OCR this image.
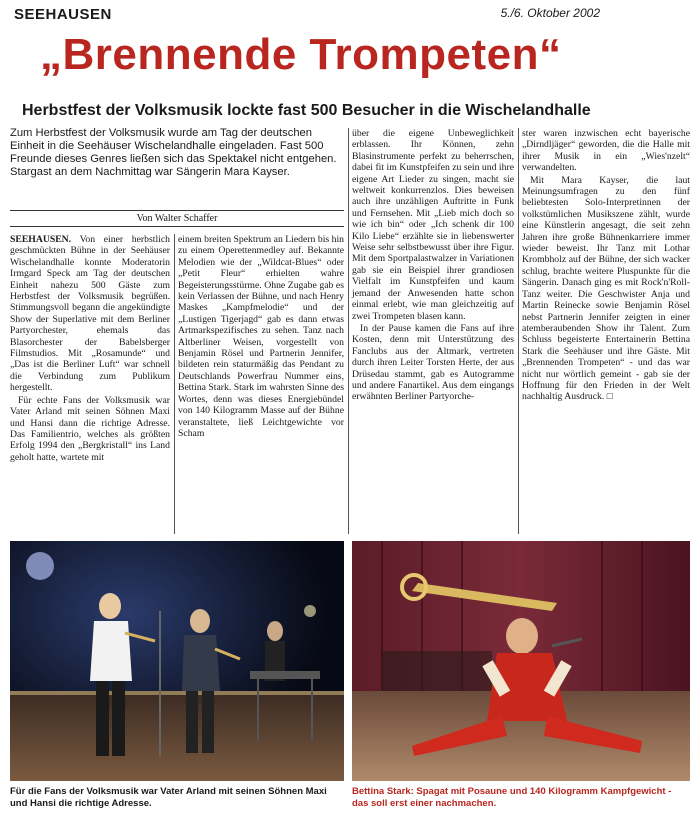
SEEHAUSEN	5./6. Oktober 2002
„Brennende Trompeten“
Herbstfest der Volksmusik lockte fast 500 Besucher in die Wischelandhalle
Zum Herbstfest der Volksmusik wurde am Tag der deutschen Einheit in die Seehäuser Wischelandhalle eingeladen. Fast 500 Freunde dieses Genres ließen sich das Spektakel nicht entgehen. Stargast an dem Nachmittag war Sängerin Mara Kayser.
Von Walter Schaffer

SEEHAUSEN. Von einer herbstlich geschmückten Bühne in der Seehäuser Wischelandhalle konnte Moderatorin Irmgard Speck am Tag der deutschen Einheit nahezu 500 Gäste zum Herbstfest der Volksmusik begrüßen. Stimmungsvoll begann die angekündigte Show der Superlative mit dem Berliner Partyorchester, ehemals das Blasorchester der Babelsberger Filmstudios. Mit „Rosamunde“ und „Das ist die Berliner Luft“ war schnell die Verbindung zum Publikum hergestellt.

Für echte Fans der Volksmusik war Vater Arland mit seinen Söhnen Maxi und Hansi dann die richtige Adresse. Das Familientrio, welches als größten Erfolg 1994 den „Bergkristall“ ins Land geholt hatte, wartete mit

einem breiten Spektrum an Liedern bis hin zu einem Operettenmedley auf. Bekannte Melodien wie der „Wildcat-Blues“ oder „Petit Fleur“ erhielten wahre Begeisterungsstürme. Ohne Zugabe gab es kein Verlassen der Bühne, und nach Henry Maskes „Kampfmelodie“ und der „Lustigen Tigerjagd“ gab es dann etwas Artmarkspezifisches zu sehen. Tanz nach Altberliner Weisen, vorgestellt von Benjamin Rösel und Partnerin Jennifer, bildeten rein staturmäßig das Pendant zu Deutschlands Powerfrau Nummer eins, Bettina Stark. Stark im wahrsten Sinne des Wortes, denn was dieses Energiebündel von 140 Kilogramm Masse auf der Bühne veranstaltete, ließ Leichtgewichte vor Scham

über die eigene Unbeweglichkeit erblassen. Ihr Können, zehn Blasinstrumente perfekt zu beherrschen, dabei fit im Kunstpfeifen zu sein und ihre eigene Art Lieder zu singen, macht sie weltweit konkurrenzlos. Dies beweisen auch ihre unzähligen Auftritte in Funk und Fernsehen. Mit „Lieb mich doch so wie ich bin“ oder „Ich schenk dir 100 Kilo Liebe“ erzählte sie in liebenswerter Weise sehr selbstbewusst über ihre Figur. Mit dem Sportpalastwalzer in Variationen gab sie ein Beispiel ihrer grandiosen Vielfalt im Kunstpfeifen und kaum jemand der Anwesenden hatte schon einmal erlebt, wie man gleichzeitig auf zwei Trompeten blasen kann.

In der Pause kamen die Fans auf ihre Kosten, denn mit Unterstützung des Fanclubs aus der Altmark, vertreten durch ihren Leiter Torsten Herte, der aus Drüsedau stammt, gab es Autogramme und andere Fanartikel. Aus dem eingangs erwähnten Berliner Partyorche-

ster waren inzwischen echt bayerische „Dirndljäger“ geworden, die die Halle mit ihrer Musik in ein „Wies'nzelt“ verwandelten.

Mit Mara Kayser, die laut Meinungsumfragen zu den fünf beliebtesten Solo-Interpretinnen der volkstümlichen Musikszene zählt, wurde eine Künstlerin angesagt, die seit zehn Jahren ihre große Bühnenkarriere immer wieder beweist. Ihr Tanz mit Lothar Krombholz auf der Bühne, der sich wacker schlug, brachte weitere Pluspunkte für die Sängerin. Danach ging es mit Rock'n'Roll-Tanz weiter. Die Geschwister Anja und Martin Reinecke sowie Benjamin Rösel nebst Partnerin Jennifer zeigten in einer atemberaubenden Show ihr Talent. Zum Schluss begeisterte Entertainerin Bettina Stark die Seehäuser und ihre Gäste. Mit „Brennenden Trompeten“ - und das war nicht nur wörtlich gemeint - gab sie der Hoffnung für den Frieden in der Welt nachhaltig Ausdruck. □

Für die Fans der Volksmusik war Vater Arland mit seinen Söhnen Maxi und Hansi die richtige Adresse.
Bettina Stark: Spagat mit Posaune und 140 Kilogramm Kampfgewicht - das soll erst einer nachmachen.
